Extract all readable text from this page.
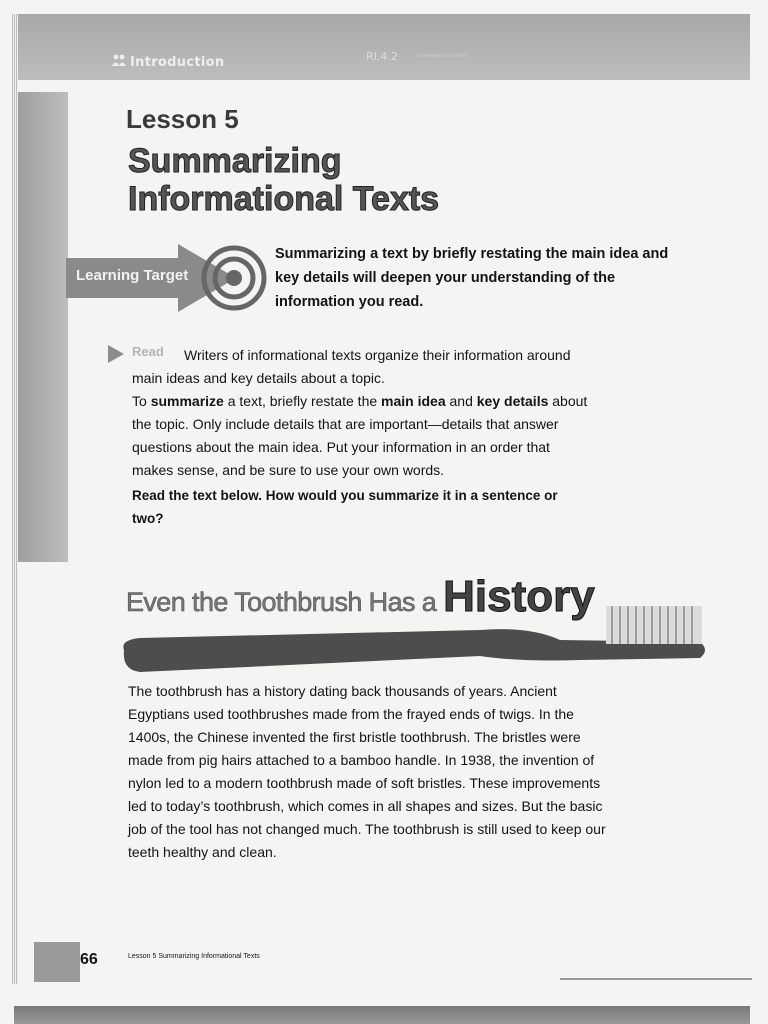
Introduction	RI.4.2	summarize the text
Lesson 5
Summarizing
Informational Texts
Learning Target
Summarizing a text by briefly restating the main idea and key details will deepen your understanding of the information you read.
Read	Writers of informational texts organize their information around main ideas and key details about a topic.

To summarize a text, briefly restate the main idea and key details about the topic. Only include details that are important—details that answer questions about the main idea. Put your information in an order that makes sense, and be sure to use your own words.

Read the text below. How would you summarize it in a sentence or two?

Even the Toothbrush Has a History

The toothbrush has a history dating back thousands of years. Ancient Egyptians used toothbrushes made from the frayed ends of twigs. In the 1400s, the Chinese invented the first bristle toothbrush. The bristles were made from pig hairs attached to a bamboo handle. In 1938, the invention of nylon led to a modern toothbrush made of soft bristles. These improvements led to today’s toothbrush, which comes in all shapes and sizes. But the basic job of the tool has not changed much. The toothbrush is still used to keep our teeth healthy and clean.

66	Lesson 5 Summarizing Informational Texts
